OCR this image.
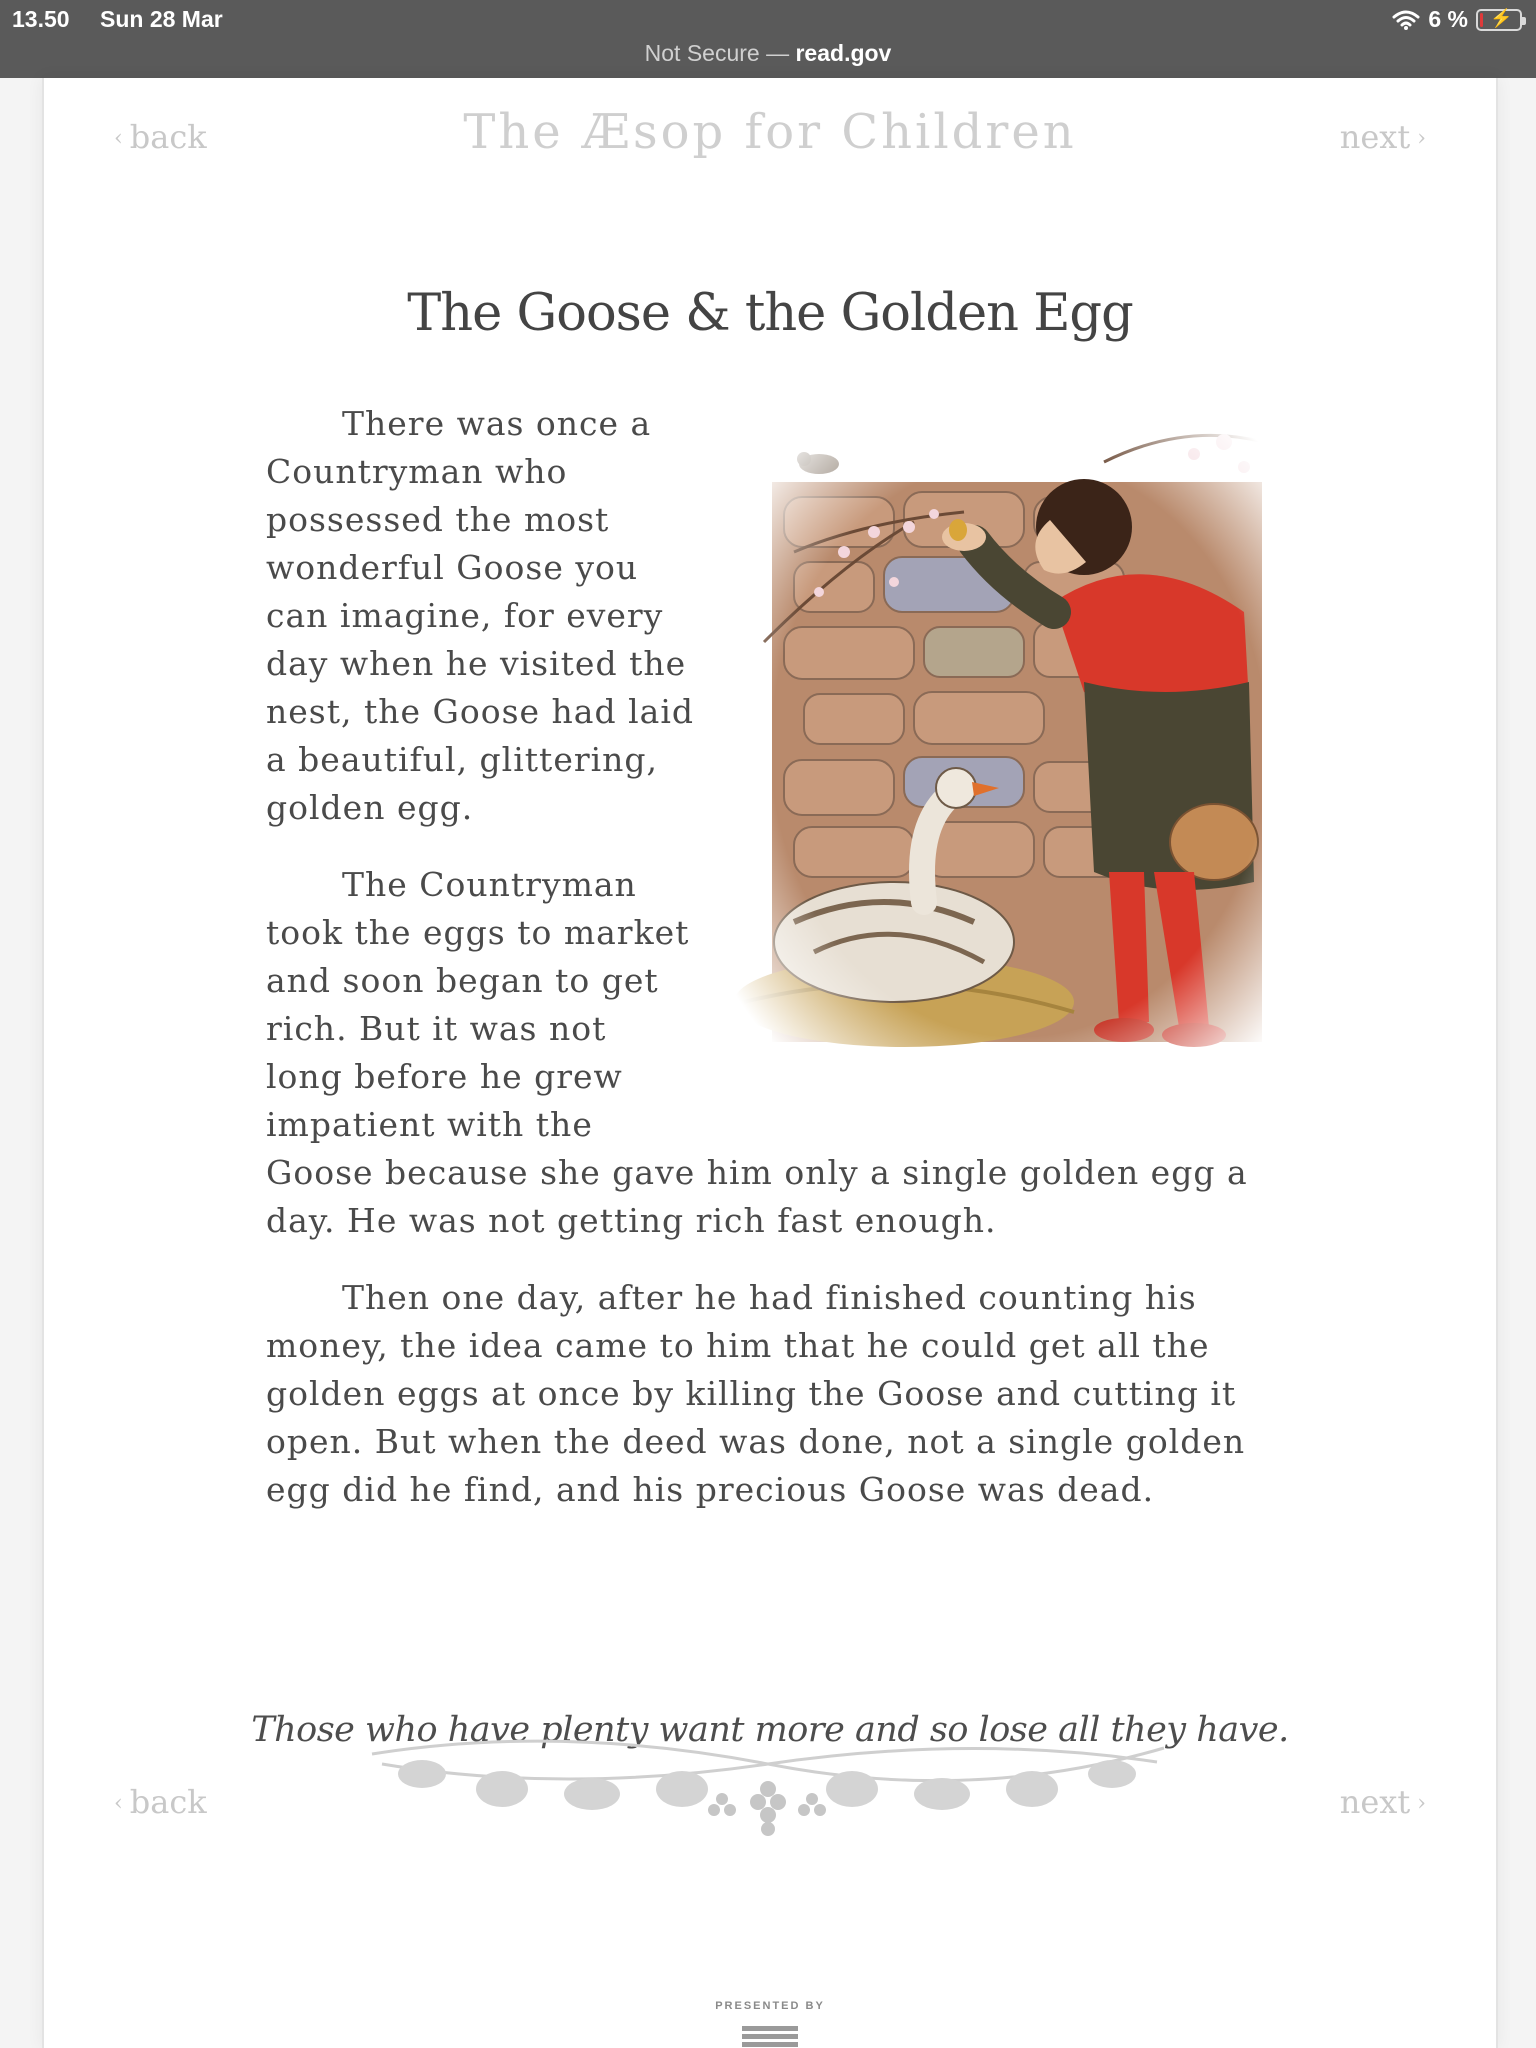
13.50 Sun 28 Mar	6 % ⚡
Not Secure — read.gov
‹ back	The Æsop for Children	next ›
The Goose & the Golden Egg

There was once a Countryman who possessed the most wonderful Goose you can imagine, for every day when he visited the nest, the Goose had laid a beautiful, glittering, golden egg.

The Countryman took the eggs to market and soon began to get rich. But it was not long before he grew impatient with the Goose because she gave him only a single golden egg a day. He was not getting rich fast enough.

Then one day, after he had finished counting his money, the idea came to him that he could get all the golden eggs at once by killing the Goose and cutting it open. But when the deed was done, not a single golden egg did he find, and his precious Goose was dead.

Those who have plenty want more and so lose all they have.
‹ back	next ›
PRESENTED BY
